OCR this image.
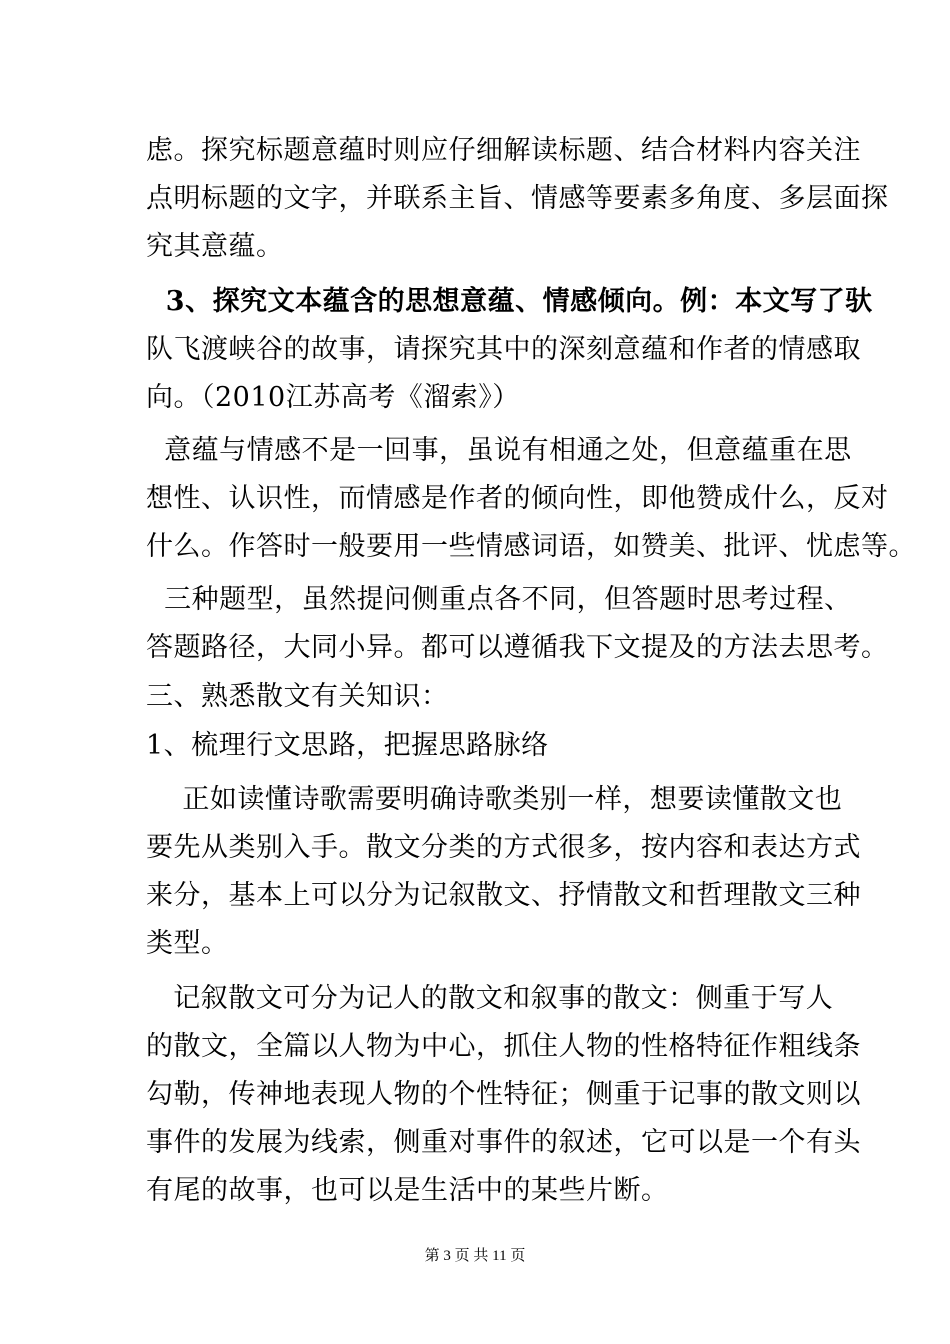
虑。探究标题意蕴时则应仔细解读标题、结合材料内容关注
点明标题的文字，并联系主旨、情感等要素多角度、多层面探
究其意蕴。
3、探究文本蕴含的思想意蕴、情感倾向。例：本文写了驮
队飞渡峡谷的故事，请探究其中的深刻意蕴和作者的情感取
向。（2010江苏高考《溜索》）
意蕴与情感不是一回事，虽说有相通之处，但意蕴重在思
想性、认识性，而情感是作者的倾向性，即他赞成什么，反对
什么。作答时一般要用一些情感词语，如赞美、批评、忧虑等。
三种题型，虽然提问侧重点各不同，但答题时思考过程、
答题路径，大同小异。都可以遵循我下文提及的方法去思考。
三、熟悉散文有关知识：
1、梳理行文思路，把握思路脉络
正如读懂诗歌需要明确诗歌类别一样，想要读懂散文也
要先从类别入手。散文分类的方式很多，按内容和表达方式
来分，基本上可以分为记叙散文、抒情散文和哲理散文三种
类型。
记叙散文可分为记人的散文和叙事的散文：侧重于写人
的散文，全篇以人物为中心，抓住人物的性格特征作粗线条
勾勒，传神地表现人物的个性特征；侧重于记事的散文则以
事件的发展为线索，侧重对事件的叙述，它可以是一个有头
有尾的故事，也可以是生活中的某些片断。
第 3 页 共 11 页
